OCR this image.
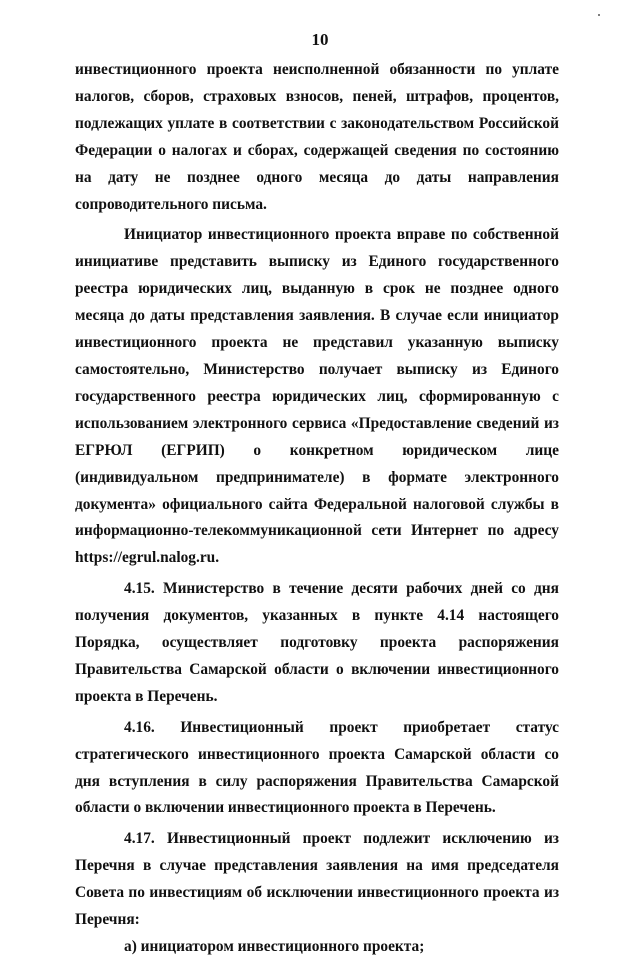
10

инвестиционного проекта неисполненной обязанности по уплате налогов, сборов, страховых взносов, пеней, штрафов, процентов, подлежащих уплате в соответствии с законодательством Российской Федерации о налогах и сборах, содержащей сведения по состоянию на дату не позднее одного месяца до даты направления сопроводительного письма.

Инициатор инвестиционного проекта вправе по собственной инициативе представить выписку из Единого государственного реестра юридических лиц, выданную в срок не позднее одного месяца до даты представления заявления. В случае если инициатор инвестиционного проекта не представил указанную выписку самостоятельно, Министерство получает выписку из Единого государственного реестра юридических лиц, сформированную с использованием электронного сервиса «Предоставление сведений из ЕГРЮЛ (ЕГРИП) о конкретном юридическом лице (индивидуальном предпринимателе) в формате электронного документа» официального сайта Федеральной налоговой службы в информационно-телекоммуникационной сети Интернет по адресу https://egrul.nalog.ru.

4.15. Министерство в течение десяти рабочих дней со дня получения документов, указанных в пункте 4.14 настоящего Порядка, осуществляет подготовку проекта распоряжения Правительства Самарской области о включении инвестиционного проекта в Перечень.

4.16. Инвестиционный проект приобретает статус стратегического инвестиционного проекта Самарской области со дня вступления в силу распоряжения Правительства Самарской области о включении инвестиционного проекта в Перечень.

4.17. Инвестиционный проект подлежит исключению из Перечня в случае представления заявления на имя председателя Совета по инвестициям об исключении инвестиционного проекта из Перечня:

а) инициатором инвестиционного проекта;
